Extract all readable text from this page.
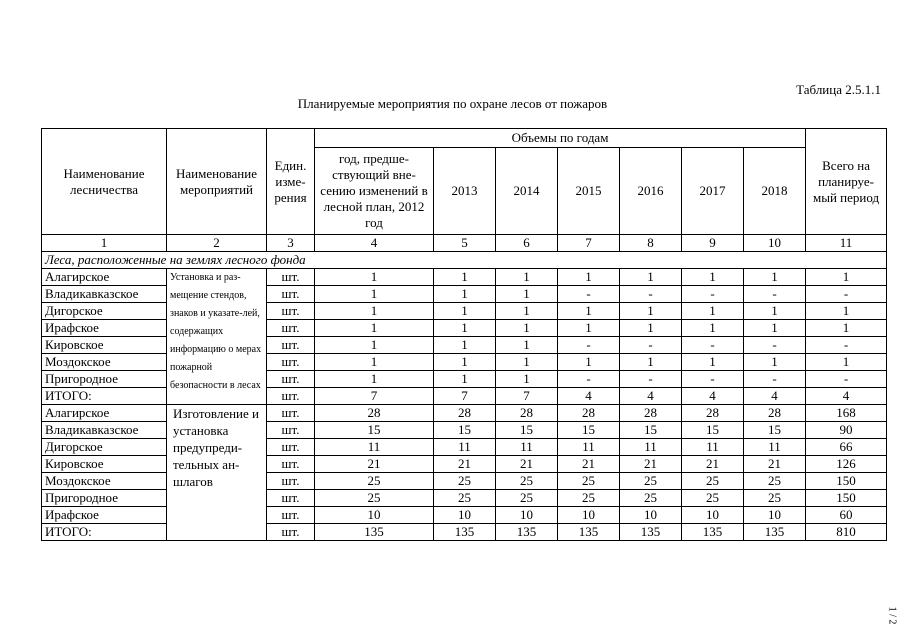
Таблица 2.5.1.1
Планируемые мероприятия по охране лесов от пожаров
1 / 2
Наименование лесничества	Наименование мероприятий	Един. изме-рения	Объемы по годам							Всего на планируе-мый период
			год, предше-ствующий вне-сению изменений в лесной план, 2012 год	2013	2014	2015	2016	2017	2018	
1	2	3	4	5	6	7	8	9	10	11
Леса, расположенные на землях лесного фонда										
Алагирское	Установка и раз-мещение стендов, знаков и указате-лей, содержащих информацию о мерах пожарной безопасности в лесах	шт.	1	1	1	1	1	1	1	1
Владикавказское		шт.	1	1	1	-	-	-	-	-
Дигорское		шт.	1	1	1	1	1	1	1	1
Ирафское		шт.	1	1	1	1	1	1	1	1
Кировское		шт.	1	1	1	-	-	-	-	-
Моздокское		шт.	1	1	1	1	1	1	1	1
Пригородное		шт.	1	1	1	-	-	-	-	-
ИТОГО:		шт.	7	7	7	4	4	4	4	4
Алагирское	Изготовление и установка предупреди-тельных ан-шлагов	шт.	28	28	28	28	28	28	28	168
Владикавказское		шт.	15	15	15	15	15	15	15	90
Дигорское		шт.	11	11	11	11	11	11	11	66
Кировское		шт.	21	21	21	21	21	21	21	126
Моздокское		шт.	25	25	25	25	25	25	25	150
Пригородное		шт.	25	25	25	25	25	25	25	150
Ирафское		шт.	10	10	10	10	10	10	10	60
ИТОГО:		шт.	135	135	135	135	135	135	135	810
